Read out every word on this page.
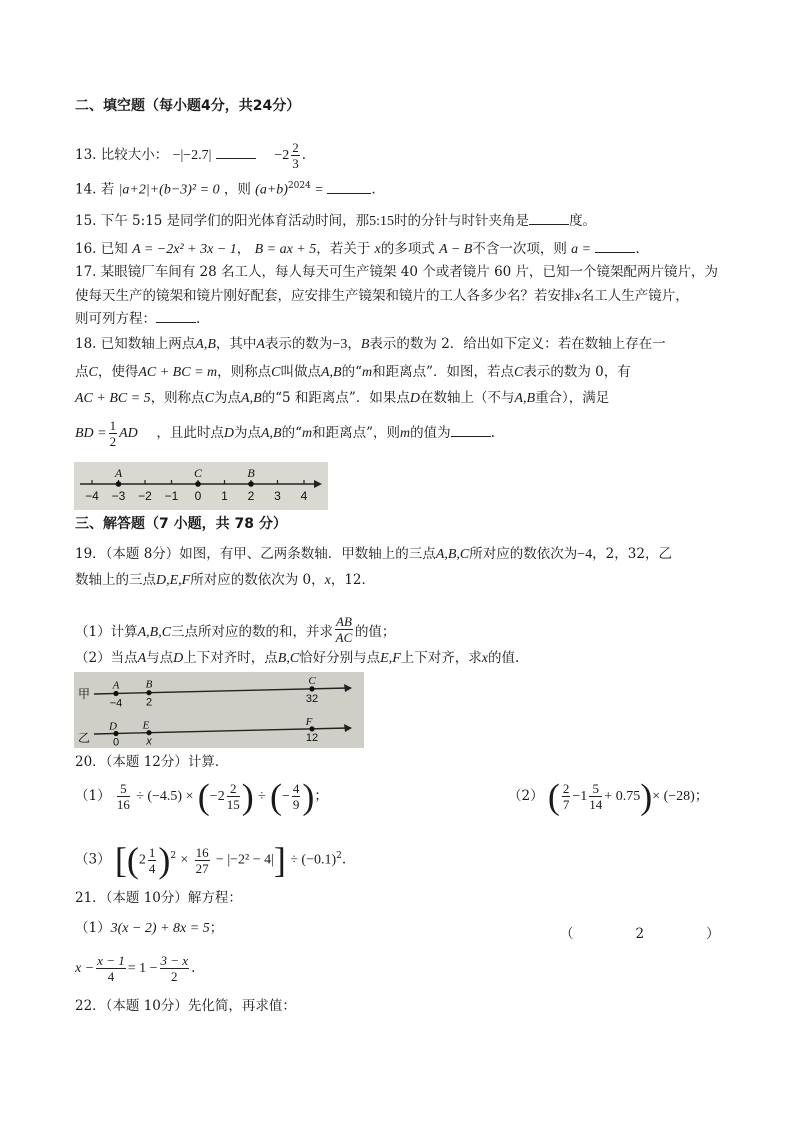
二、填空题（每小题4分，共24分）
13. 比较大小： −|−2.7|	$-2 \frac{2}{3}$ .
14. 若 |a+2|+(b−3)² = 0 ，则 $(a+b)^{2024}$ =	.
15. 下午 5:15 是同学们的阳光体育活动时间，那5:15时的分针与时针夹角是	度。
16. 已知 A = −2x² + 3x − 1， B = ax + 5，若关于 x的多项式 A − B不含一次项，则 a =	.
17. 某眼镜厂车间有 28 名工人，每人每天可生产镜架 40 个或者镜片 60 片，已知一个镜架配两片镜片，为
使每天生产的镜架和镜片刚好配套，应安排生产镜架和镜片的工人各多少名？若安排x名工人生产镜片，
则可列方程：	.
18. 已知数轴上两点A,B，其中A表示的数为−3，B表示的数为 2．给出如下定义：若在数轴上存在一
点C，使得AC + BC = m，则称点C叫做点A,B的“m和距离点”．如图，若点C表示的数为 0，有
AC + BC = 5，则称点C为点A,B的“5 和距离点”．如果点D在数轴上（不与A,B重合），满足
BD = $\frac{1}{2}$ AD ，且此时点D为点A,B的“m和距离点”，则m的值为	.
−4 −3 −2 −1 0 1 2 3 4
A	C	B
三、解答题（7 小题，共 78 分）
19．（本题 8分）如图，有甲、乙两条数轴．甲数轴上的三点A,B,C所对应的数依次为−4，2，32，乙
数轴上的三点D,E,F所对应的数依次为 0，x，12．
（1）计算A,B,C三点所对应的数的和，并求 $\frac{AB}{AC}$ 的值；
（2）当点A与点D上下对齐时，点B,C恰好分别与点E,F上下对齐，求x的值.
甲
A
−4
B
2
C
32
乙
D
0
E
x
F
12
20．（本题 12分）计算．
$(1) \frac{5}{16} \div (-4.5) \times (-2 \frac{2}{15}$ ) ÷ (− $\frac{4}{9}$ )；	（2） ( $\frac{2}{7} -1 \frac{5}{14} + 0.75)\times (-28)$；
（3） $[(2 \frac{1}{4} )^2 \times \frac{16}{27} - |-2^2 - 4|] \div (-0.1)^2$.
21．（本题 10分）解方程：
（1）3(x − 2) + 8x = 5；	（	2	）
$x - \frac{x - 1}{4} = 1 - \frac{3 - x}{2}$ .
22．（本题 10分）先化简，再求值：
